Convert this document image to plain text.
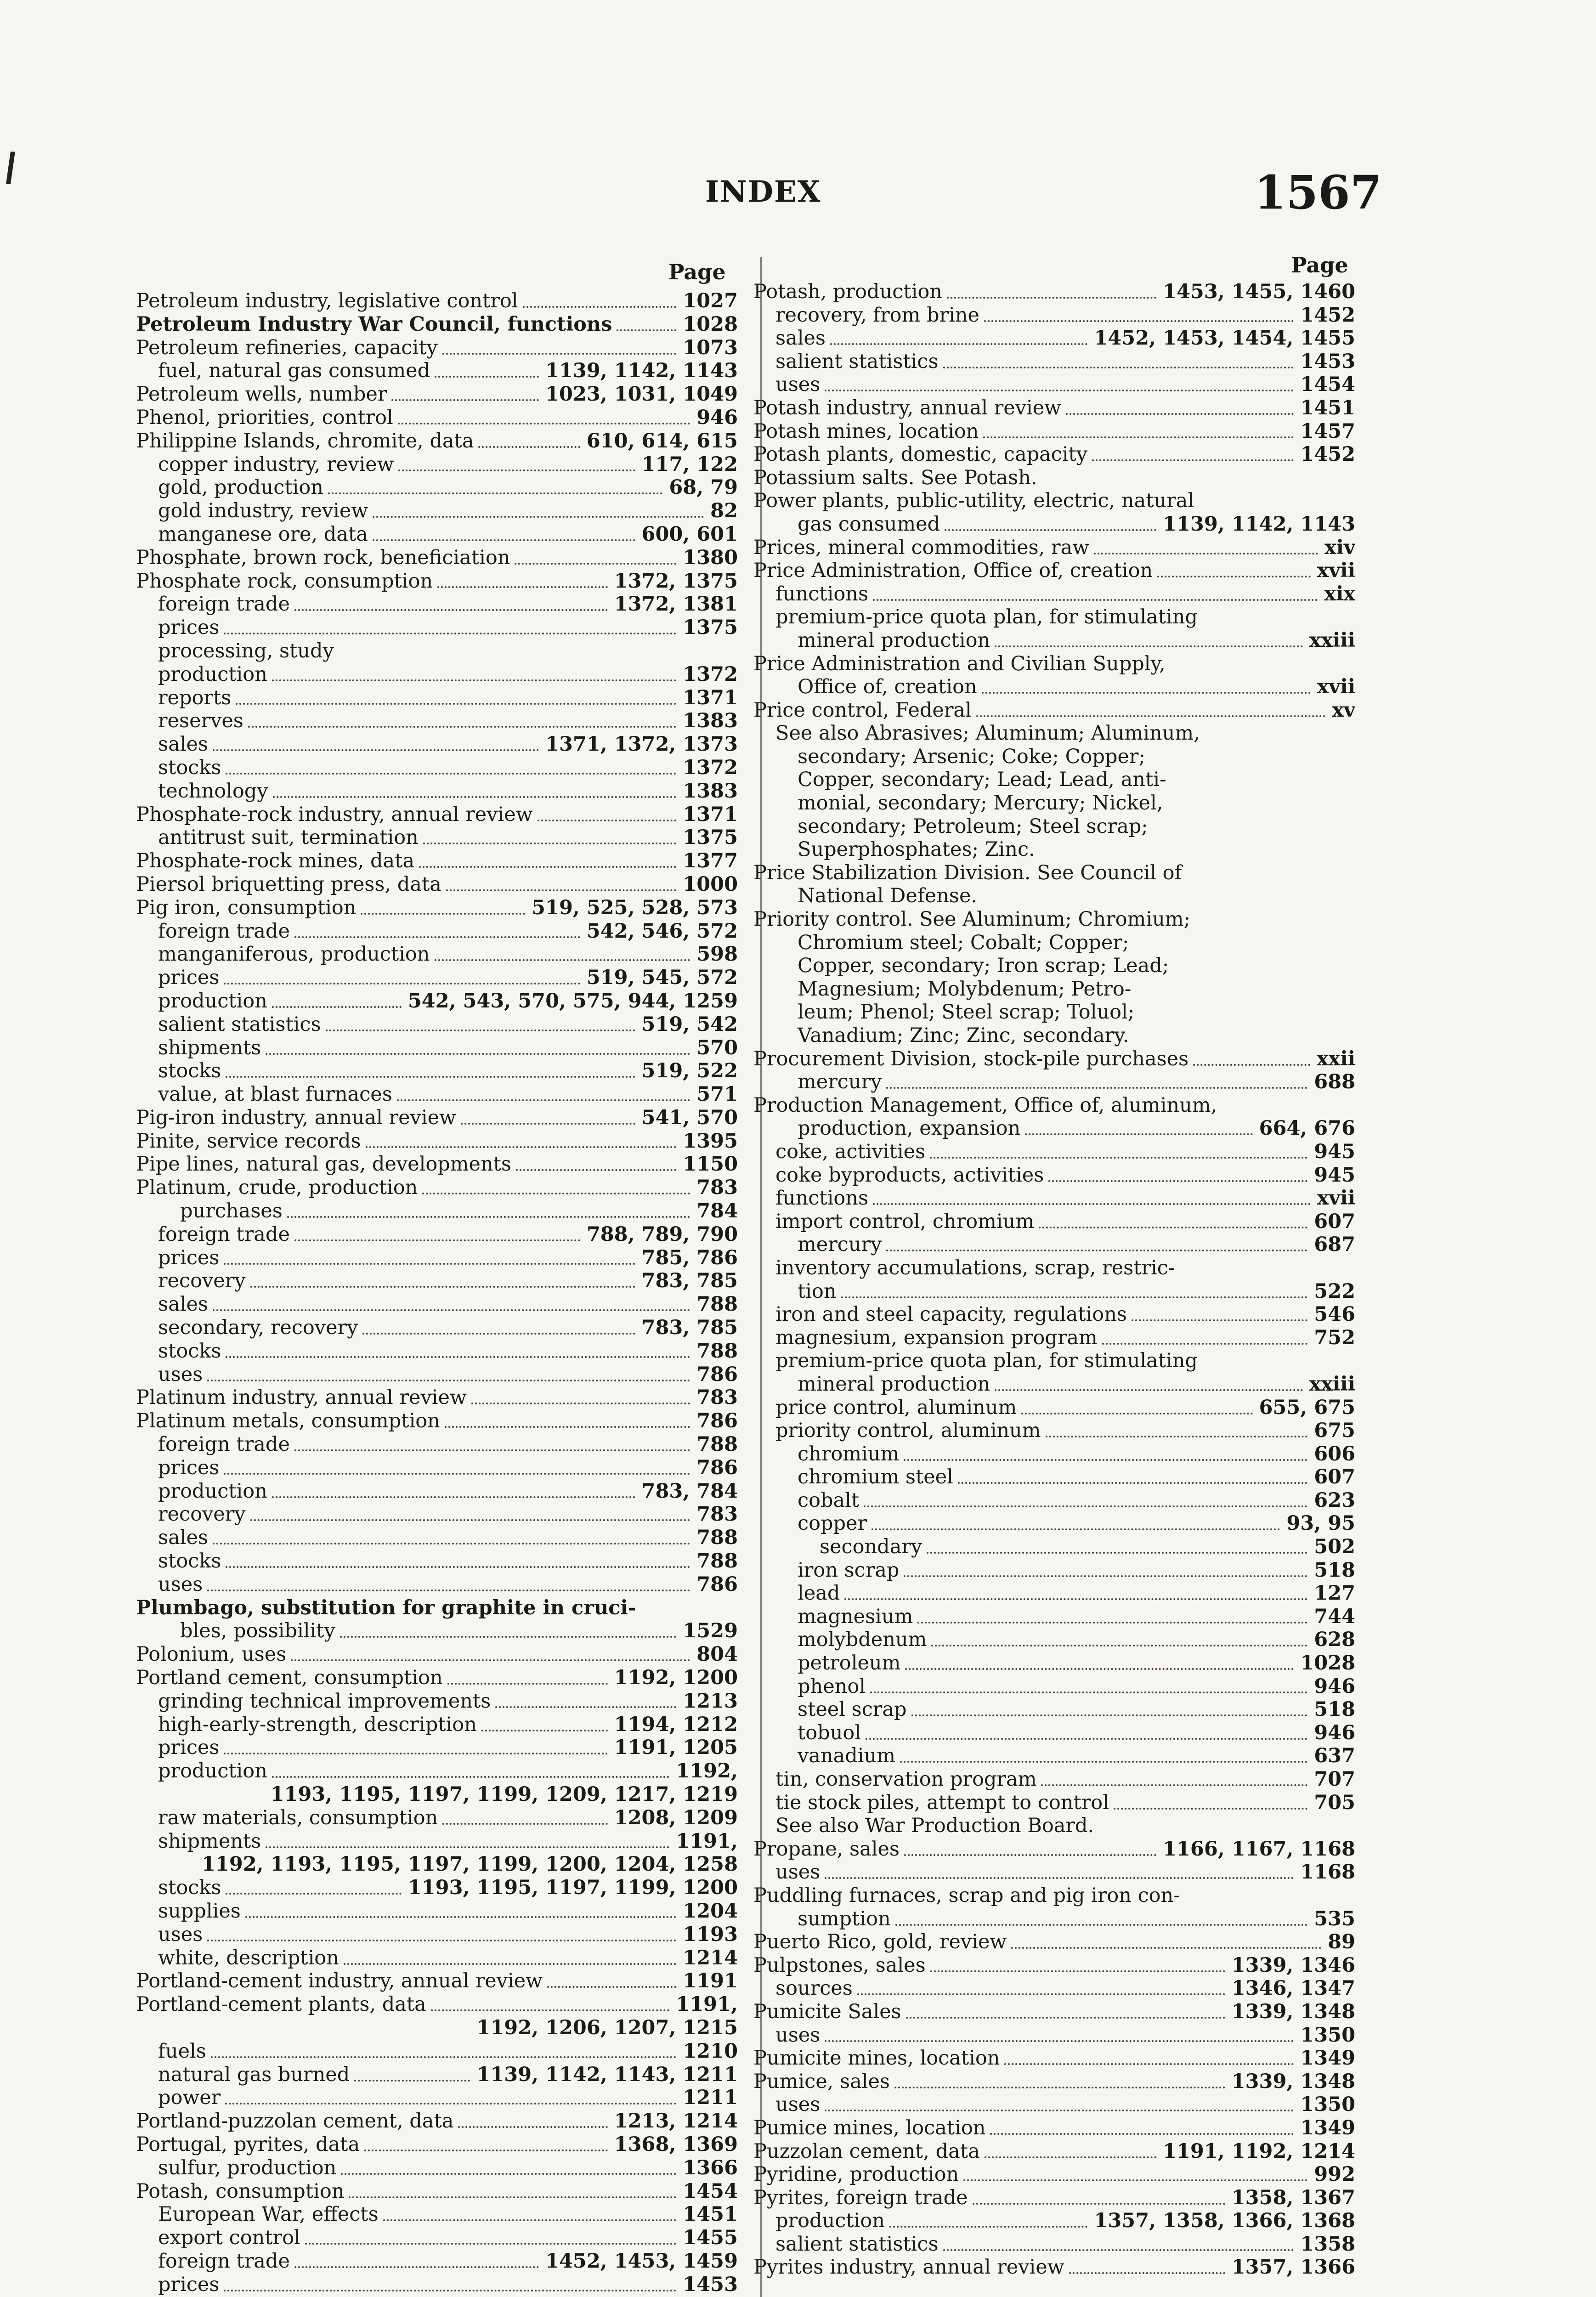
INDEX	1567
Page	Page
Petroleum industry, legislative control	1027
Petroleum Industry War Council, functions	1028
Petroleum refineries, capacity	1073
fuel, natural gas consumed	1139, 1142, 1143
Petroleum wells, number	1023, 1031, 1049
Phenol, priorities, control	946
Philippine Islands, chromite, data	610, 614, 615
copper industry, review	117, 122
gold, production	68, 79
gold industry, review	82
manganese ore, data	600, 601
Phosphate, brown rock, beneficiation	1380
Phosphate rock, consumption	1372, 1375
foreign trade	1372, 1381
prices	1375
processing, study
production	1372
reports	1371
reserves	1383
sales	1371, 1372, 1373
stocks	1372
technology	1383
Phosphate-rock industry, annual review	1371
antitrust suit, termination	1375
Phosphate-rock mines, data	1377
Piersol briquetting press, data	1000
Pig iron, consumption	519, 525, 528, 573
foreign trade	542, 546, 572
manganiferous, production	598
prices	519, 545, 572
production	542, 543, 570, 575, 944, 1259
salient statistics	519, 542
shipments	570
stocks	519, 522
value, at blast furnaces	571
Pig-iron industry, annual review	541, 570
Pinite, service records	1395
Pipe lines, natural gas, developments	1150
Platinum, crude, production	783
purchases	784
foreign trade	788, 789, 790
prices	785, 786
recovery	783, 785
sales	788
secondary, recovery	783, 785
stocks	788
uses	786
Platinum industry, annual review	783
Platinum metals, consumption	786
foreign trade	788
prices	786
production	783, 784
recovery	783
sales	788
stocks	788
uses	786
Plumbago, substitution for graphite in cruci-
bles, possibility	1529
Polonium, uses	804
Portland cement, consumption	1192, 1200
grinding technical improvements	1213
high-early-strength, description	1194, 1212
prices	1191, 1205
production	1192,
1193, 1195, 1197, 1199, 1209, 1217, 1219
raw materials, consumption	1208, 1209
shipments	1191,
1192, 1193, 1195, 1197, 1199, 1200, 1204, 1258
stocks	1193, 1195, 1197, 1199, 1200
supplies	1204
uses	1193
white, description	1214
Portland-cement industry, annual review	1191
Portland-cement plants, data	1191,
1192, 1206, 1207, 1215
fuels	1210
natural gas burned	1139, 1142, 1143, 1211
power	1211
Portland-puzzolan cement, data	1213, 1214
Portugal, pyrites, data	1368, 1369
sulfur, production	1366
Potash, consumption	1454
European War, effects	1451
export control	1455
foreign trade	1452, 1453, 1459
prices	1453
Potash, production	1453, 1455, 1460
recovery, from brine	1452
sales	1452, 1453, 1454, 1455
salient statistics	1453
uses	1454
Potash industry, annual review	1451
Potash mines, location	1457
Potash plants, domestic, capacity	1452
Potassium salts. See Potash.
Power plants, public-utility, electric, natural
gas consumed	1139, 1142, 1143
Prices, mineral commodities, raw	xiv
Price Administration, Office of, creation	xvii
functions	xix
premium-price quota plan, for stimulating
mineral production	xxiii
Price Administration and Civilian Supply,
Office of, creation	xvii
Price control, Federal	xv
See also Abrasives; Aluminum; Aluminum,
secondary; Arsenic; Coke; Copper;
Copper, secondary; Lead; Lead, anti-
monial, secondary; Mercury; Nickel,
secondary; Petroleum; Steel scrap;
Superphosphates; Zinc.
Price Stabilization Division. See Council of
National Defense.
Priority control. See Aluminum; Chromium;
Chromium steel; Cobalt; Copper;
Copper, secondary; Iron scrap; Lead;
Magnesium; Molybdenum; Petro-
leum; Phenol; Steel scrap; Toluol;
Vanadium; Zinc; Zinc, secondary.
Procurement Division, stock-pile purchases	xxii
mercury	688
Production Management, Office of, aluminum,
production, expansion	664, 676
coke, activities	945
coke byproducts, activities	945
functions	xvii
import control, chromium	607
mercury	687
inventory accumulations, scrap, restric-
tion	522
iron and steel capacity, regulations	546
magnesium, expansion program	752
premium-price quota plan, for stimulating
mineral production	xxiii
price control, aluminum	655, 675
priority control, aluminum	675
chromium	606
chromium steel	607
cobalt	623
copper	93, 95
secondary	502
iron scrap	518
lead	127
magnesium	744
molybdenum	628
petroleum	1028
phenol	946
steel scrap	518
tobuol	946
vanadium	637
tin, conservation program	707
tie stock piles, attempt to control	705
See also War Production Board.
Propane, sales	1166, 1167, 1168
uses	1168
Puddling furnaces, scrap and pig iron con-
sumption	535
Puerto Rico, gold, review	89
Pulpstones, sales	1339, 1346
sources	1346, 1347
Pumicite Sales	1339, 1348
uses	1350
Pumicite mines, location	1349
Pumice, sales	1339, 1348
uses	1350
Pumice mines, location	1349
Puzzolan cement, data	1191, 1192, 1214
Pyridine, production	992
Pyrites, foreign trade	1358, 1367
production	1357, 1358, 1366, 1368
salient statistics	1358
Pyrites industry, annual review	1357, 1366
